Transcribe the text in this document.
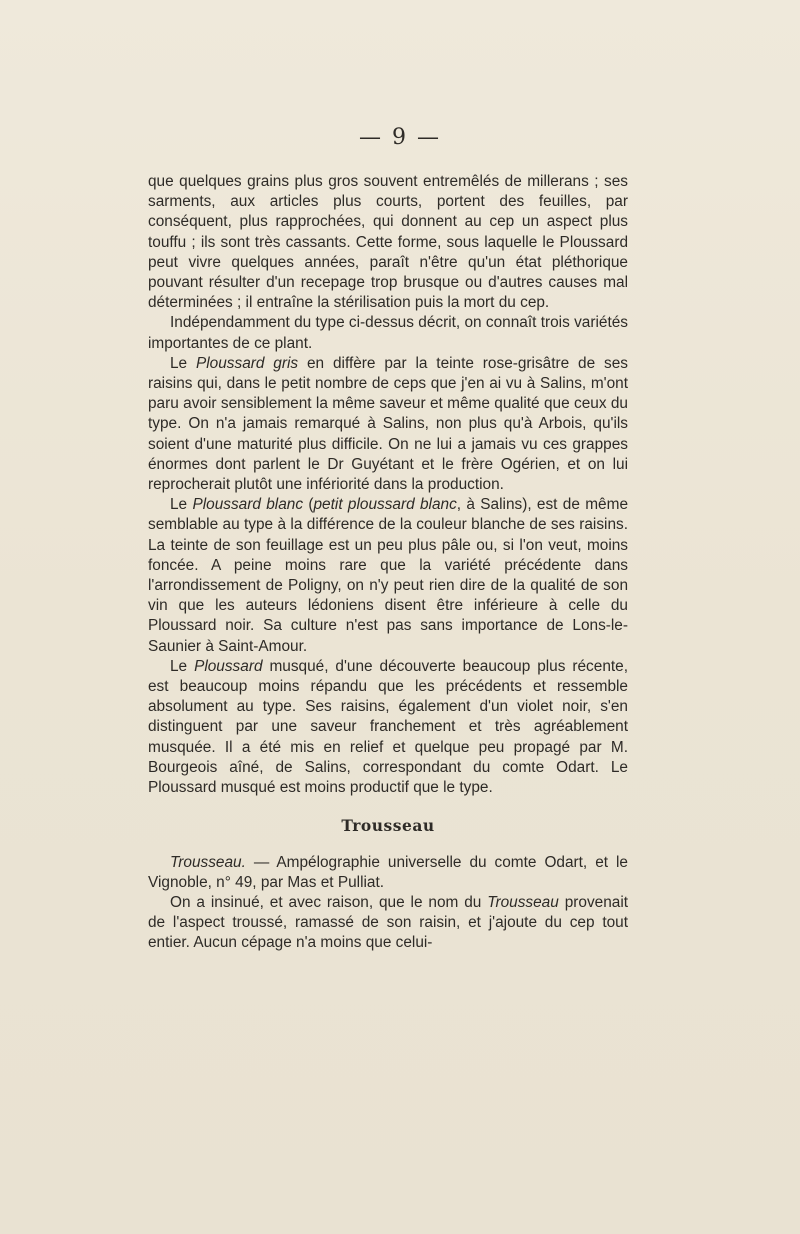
— 9 —

que quelques grains plus gros souvent entremêlés de millerans ; ses sarments, aux articles plus courts, portent des feuilles, par conséquent, plus rapprochées, qui donnent au cep un aspect plus touffu ; ils sont très cassants. Cette forme, sous laquelle le Ploussard peut vivre quelques années, paraît n'être qu'un état pléthorique pouvant résulter d'un recepage trop brusque ou d'autres causes mal déterminées ; il entraîne la stérilisation puis la mort du cep.

Indépendamment du type ci-dessus décrit, on connaît trois variétés importantes de ce plant.

Le Ploussard gris en diffère par la teinte rose-grisâtre de ses raisins qui, dans le petit nombre de ceps que j'en ai vu à Salins, m'ont paru avoir sensiblement la même saveur et même qualité que ceux du type. On n'a jamais remarqué à Salins, non plus qu'à Arbois, qu'ils soient d'une maturité plus difficile. On ne lui a jamais vu ces grappes énormes dont parlent le Dr Guyétant et le frère Ogérien, et on lui reprocherait plutôt une infériorité dans la production.

Le Ploussard blanc (petit ploussard blanc, à Salins), est de même semblable au type à la différence de la couleur blanche de ses raisins. La teinte de son feuillage est un peu plus pâle ou, si l'on veut, moins foncée. A peine moins rare que la variété précédente dans l'arrondissement de Poligny, on n'y peut rien dire de la qualité de son vin que les auteurs lédoniens disent être inférieure à celle du Ploussard noir. Sa culture n'est pas sans importance de Lons-le-Saunier à Saint-Amour.

Le Ploussard musqué, d'une découverte beaucoup plus récente, est beaucoup moins répandu que les précédents et ressemble absolument au type. Ses raisins, également d'un violet noir, s'en distinguent par une saveur franchement et très agréablement musquée. Il a été mis en relief et quelque peu propagé par M. Bourgeois aîné, de Salins, correspondant du comte Odart. Le Ploussard musqué est moins productif que le type.

Trousseau

Trousseau. — Ampélographie universelle du comte Odart, et le Vignoble, n° 49, par Mas et Pulliat.

On a insinué, et avec raison, que le nom du Trousseau provenait de l'aspect troussé, ramassé de son raisin, et j'ajoute du cep tout entier. Aucun cépage n'a moins que celui-
